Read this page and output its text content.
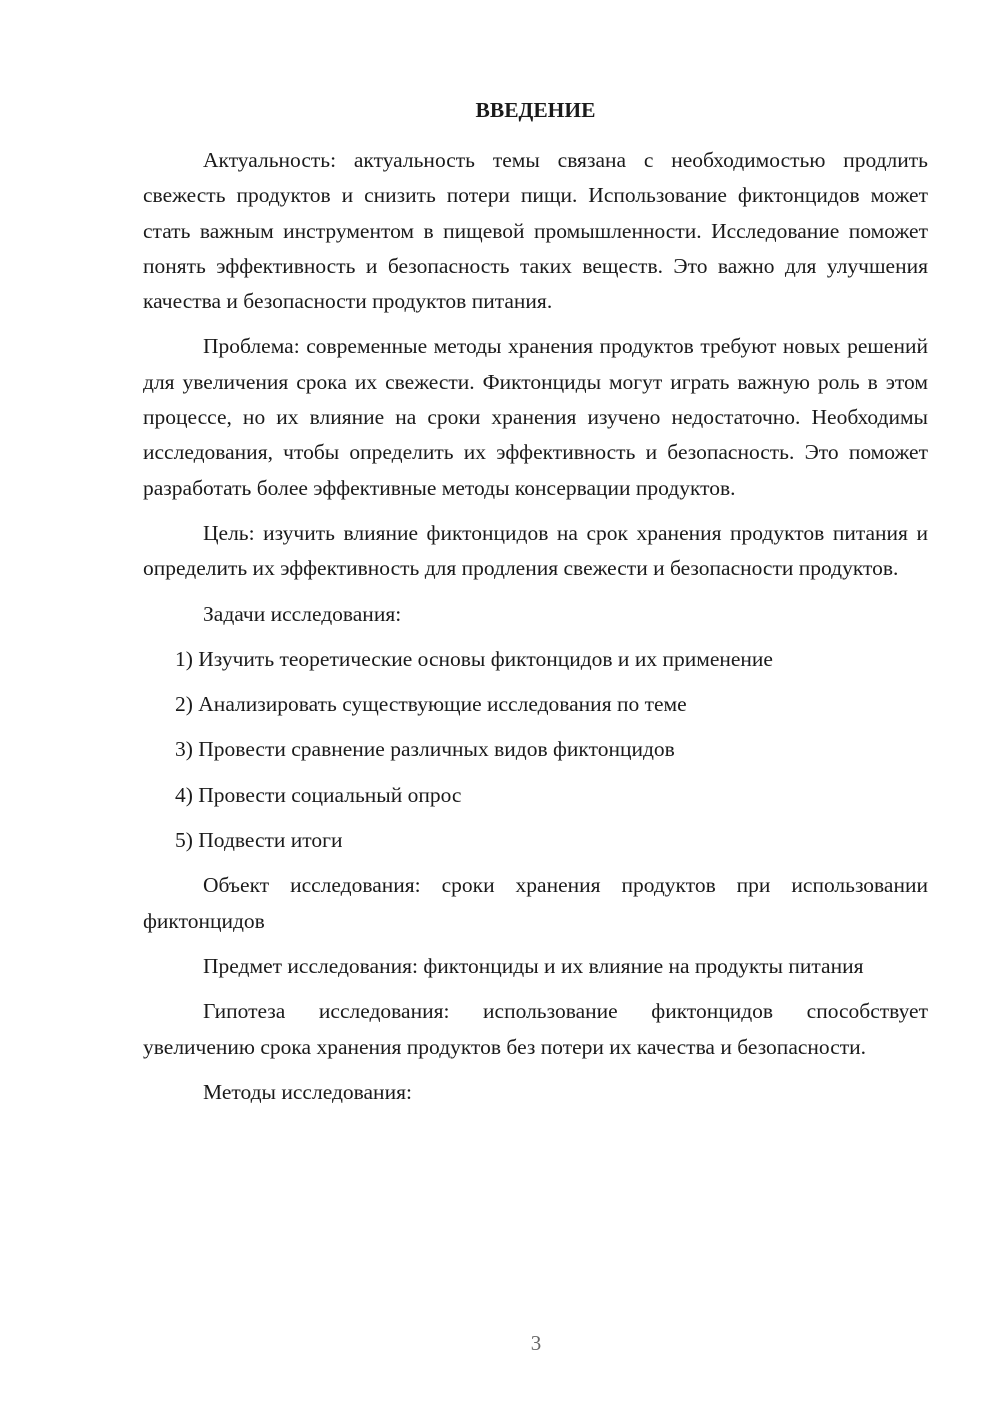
ВВЕДЕНИЕ

Актуальность: актуальность темы связана с необходимостью продлить свежесть продуктов и снизить потери пищи. Использование фиктонцидов может стать важным инструментом в пищевой промышленности. Исследование поможет понять эффективность и безопасность таких веществ. Это важно для улучшения качества и безопасности продуктов питания.

Проблема: современные методы хранения продуктов требуют новых решений для увеличения срока их свежести. Фиктонциды могут играть важную роль в этом процессе, но их влияние на сроки хранения изучено недостаточно. Необходимы исследования, чтобы определить их эффективность и безопасность. Это поможет разработать более эффективные методы консервации продуктов.

Цель: изучить влияние фиктонцидов на срок хранения продуктов питания и определить их эффективность для продления свежести и безопасности продуктов.

Задачи исследования:

1) Изучить теоретические основы фиктонцидов и их применение

2) Анализировать существующие исследования по теме

3) Провести сравнение различных видов фиктонцидов

4) Провести социальный опрос

5) Подвести итоги

Объект исследования: сроки хранения продуктов при использовании фиктонцидов

Предмет исследования: фиктонциды и их влияние на продукты питания

Гипотеза исследования: использование фиктонцидов способствует увеличению срока хранения продуктов без потери их качества и безопасности.

Методы исследования:

3
